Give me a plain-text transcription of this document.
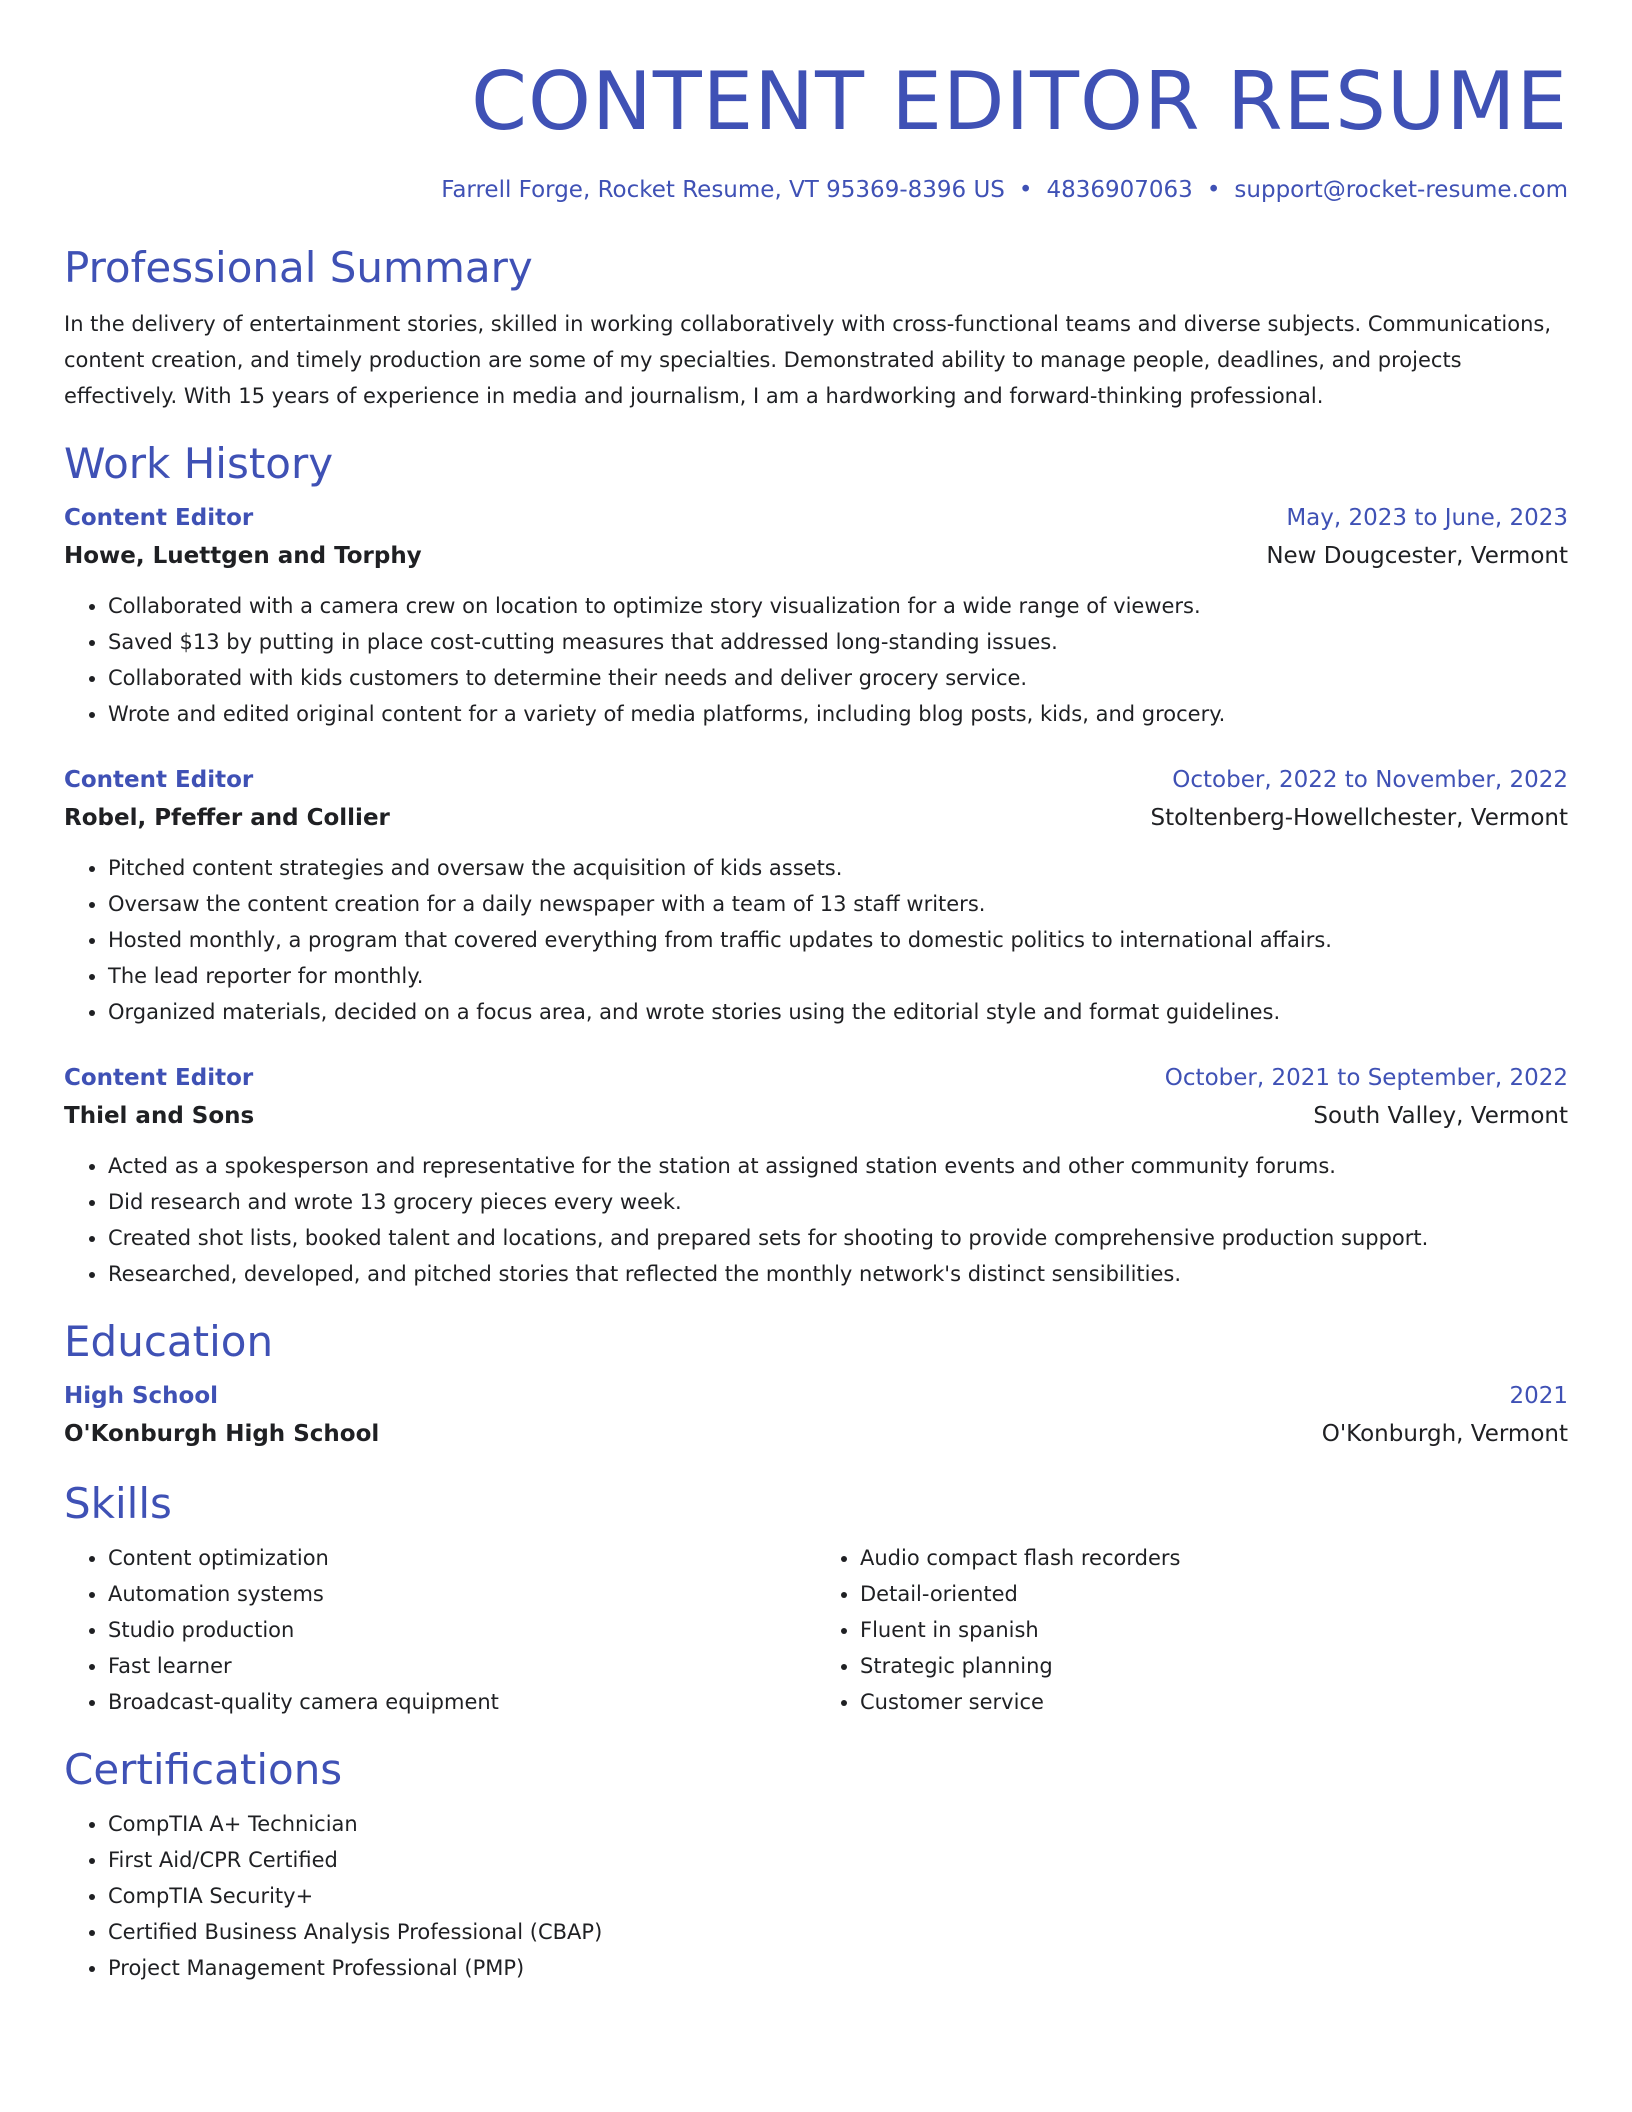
CONTENT EDITOR RESUME
Farrell Forge, Rocket Resume, VT 95369-8396 US • 4836907063 • support@rocket-resume.com
Professional Summary

In the delivery of entertainment stories, skilled in working collaboratively with cross-functional teams and diverse subjects. Communications, content creation, and timely production are some of my specialties. Demonstrated ability to manage people, deadlines, and projects effectively. With 15 years of experience in media and journalism, I am a hardworking and forward-thinking professional.

Work History
Content Editor	May, 2023 to June, 2023
Howe, Luettgen and Torphy	New Dougcester, Vermont
• Collaborated with a camera crew on location to optimize story visualization for a wide range of viewers.
• Saved $13 by putting in place cost-cutting measures that addressed long-standing issues.
• Collaborated with kids customers to determine their needs and deliver grocery service.
• Wrote and edited original content for a variety of media platforms, including blog posts, kids, and grocery.
Content Editor	October, 2022 to November, 2022
Robel, Pfeffer and Collier	Stoltenberg-Howellchester, Vermont
• Pitched content strategies and oversaw the acquisition of kids assets.
• Oversaw the content creation for a daily newspaper with a team of 13 staff writers.
• Hosted monthly, a program that covered everything from traffic updates to domestic politics to international affairs.
• The lead reporter for monthly.
• Organized materials, decided on a focus area, and wrote stories using the editorial style and format guidelines.
Content Editor	October, 2021 to September, 2022
Thiel and Sons	South Valley, Vermont
• Acted as a spokesperson and representative for the station at assigned station events and other community forums.
• Did research and wrote 13 grocery pieces every week.
• Created shot lists, booked talent and locations, and prepared sets for shooting to provide comprehensive production support.
• Researched, developed, and pitched stories that reflected the monthly network's distinct sensibilities.
Education
High School	2021
O'Konburgh High School	O'Konburgh, Vermont
Skills
• Content optimization
• Automation systems
• Studio production
• Fast learner
• Broadcast-quality camera equipment
• Audio compact flash recorders
• Detail-oriented
• Fluent in spanish
• Strategic planning
• Customer service
Certifications
• CompTIA A+ Technician
• First Aid/CPR Certified
• CompTIA Security+
• Certified Business Analysis Professional (CBAP)
• Project Management Professional (PMP)
